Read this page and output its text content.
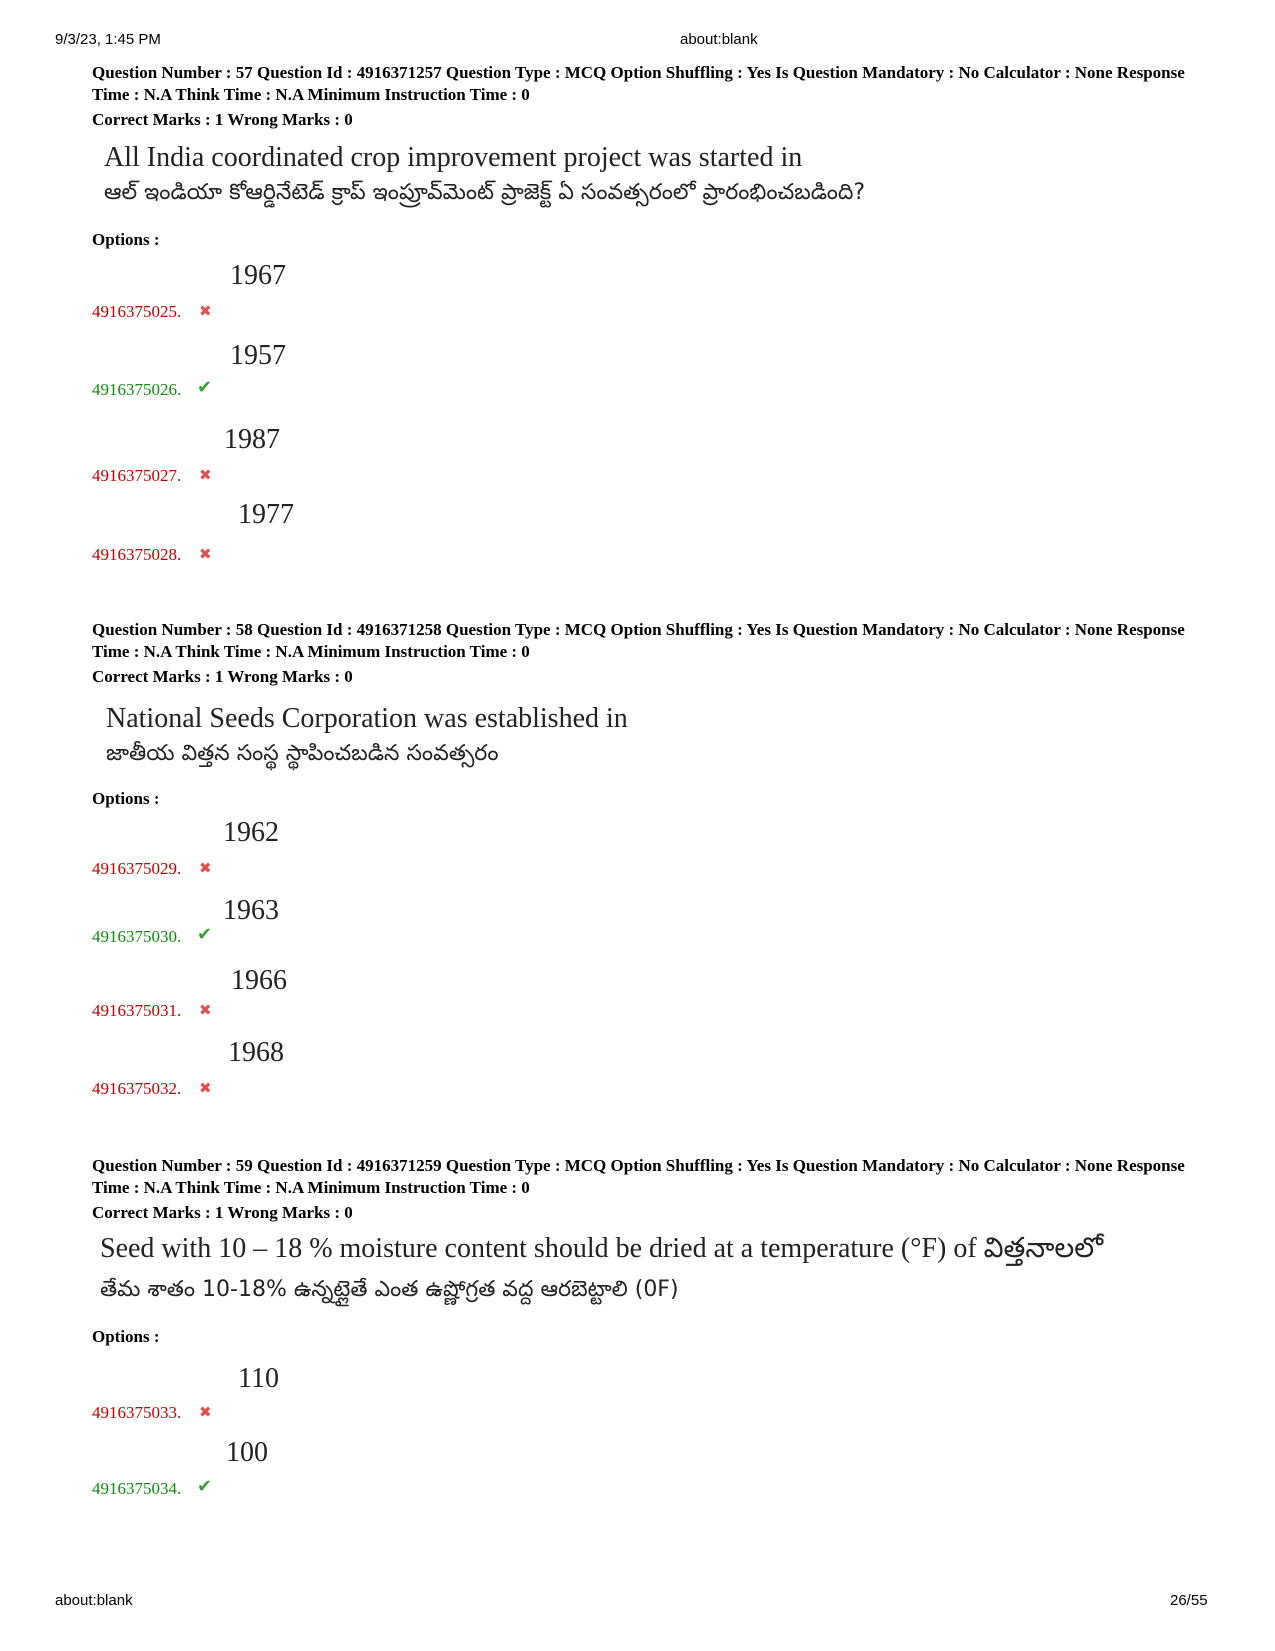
9/3/23, 1:45 PM	about:blank
Question Number : 57 Question Id : 4916371257 Question Type : MCQ Option Shuffling : Yes Is Question Mandatory : No Calculator : None Response Time : N.A Think Time : N.A Minimum Instruction Time : 0
Correct Marks : 1 Wrong Marks : 0
All India coordinated crop improvement project was started in
ఆల్ ఇండియా కోఆర్డినేటెడ్ క్రాప్ ఇంప్రూవ్‌మెంట్ ప్రాజెక్ట్ ఏ సంవత్సరంలో ప్రారంభించబడింది?
Options :
4916375025. ✖
1967
4916375026. ✔
1957
4916375027. ✖
1987
4916375028. ✖
1977
Question Number : 58 Question Id : 4916371258 Question Type : MCQ Option Shuffling : Yes Is Question Mandatory : No Calculator : None Response Time : N.A Think Time : N.A Minimum Instruction Time : 0
Correct Marks : 1 Wrong Marks : 0
National Seeds Corporation was established in
జాతీయ విత్తన సంస్థ స్థాపించబడిన సంవత్సరం
Options :
4916375029. ✖
1962
4916375030. ✔
1963
4916375031. ✖
1966
4916375032. ✖
1968
Question Number : 59 Question Id : 4916371259 Question Type : MCQ Option Shuffling : Yes Is Question Mandatory : No Calculator : None Response Time : N.A Think Time : N.A Minimum Instruction Time : 0
Correct Marks : 1 Wrong Marks : 0
Seed with 10 – 18 % moisture content should be dried at a temperature (°F) of విత్తనాలలో
తేమ శాతం 10-18% ఉన్నట్లైతే ఎంత ఉష్ణోగ్రత వద్ద ఆరబెట్టాలి (0F)
Options :
4916375033. ✖
110
4916375034. ✔
100
about:blank	26/55
